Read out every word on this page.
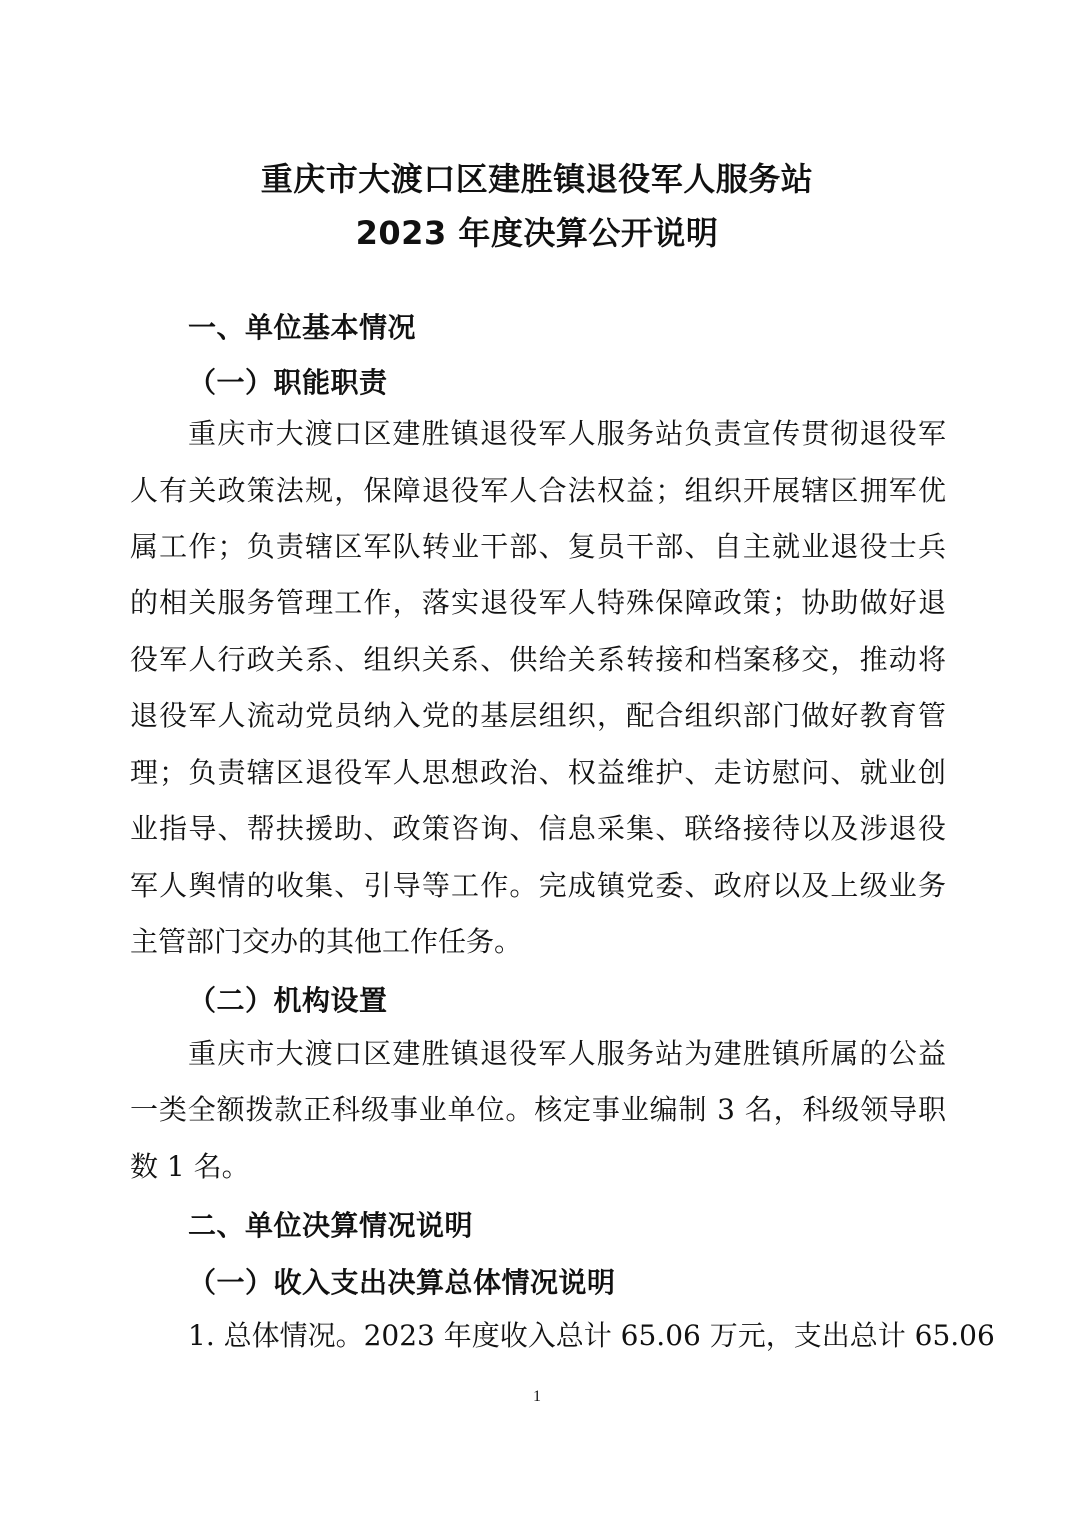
重庆市大渡口区建胜镇退役军人服务站
2023 年度决算公开说明
一、单位基本情况
（一）职能职责
重庆市大渡口区建胜镇退役军人服务站负责宣传贯彻退役军
人有关政策法规，保障退役军人合法权益；组织开展辖区拥军优
属工作；负责辖区军队转业干部、复员干部、自主就业退役士兵
的相关服务管理工作，落实退役军人特殊保障政策；协助做好退
役军人行政关系、组织关系、供给关系转接和档案移交，推动将
退役军人流动党员纳入党的基层组织，配合组织部门做好教育管
理；负责辖区退役军人思想政治、权益维护、走访慰问、就业创
业指导、帮扶援助、政策咨询、信息采集、联络接待以及涉退役
军人舆情的收集、引导等工作。完成镇党委、政府以及上级业务
主管部门交办的其他工作任务。
（二）机构设置
重庆市大渡口区建胜镇退役军人服务站为建胜镇所属的公益
一类全额拨款正科级事业单位。核定事业编制 3 名，科级领导职
数 1 名。
二、单位决算情况说明
（一）收入支出决算总体情况说明
1. 总体情况。2023 年度收入总计 65.06 万元，支出总计 65.06
1
